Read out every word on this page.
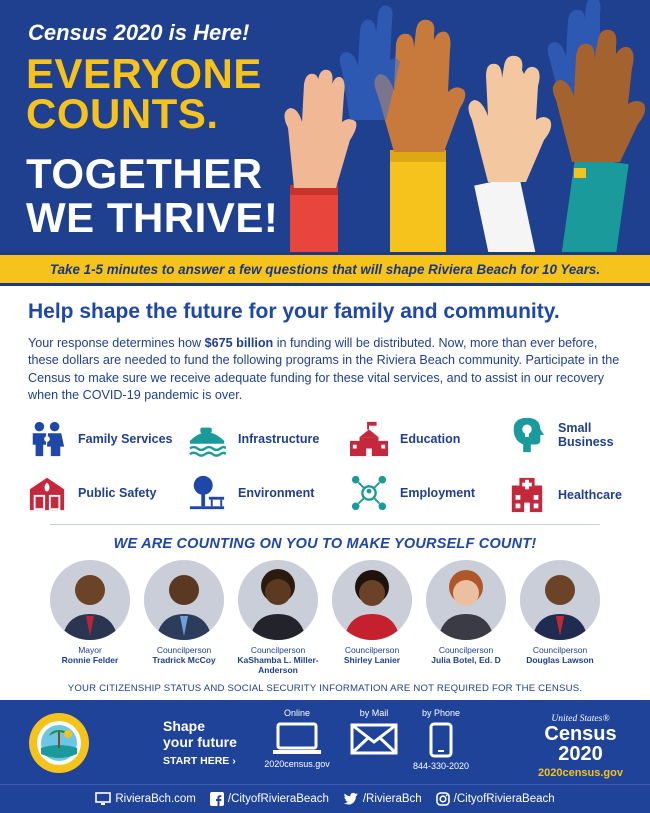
Census 2020 is Here!
EVERYONE
COUNTS.
TOGETHER
WE THRIVE!
Take 1-5 minutes to answer a few questions that will shape Riviera Beach for 10 Years.
Help shape the future for your family and community.
Your response determines how $675 billion in funding will be distributed. Now, more than ever before, these dollars are needed to fund the following programs in the Riviera Beach community. Participate in the Census to make sure we receive adequate funding for these vital services, and to assist in our recovery when the COVID-19 pandemic is over.
Family Services	Infrastructure	Education
Small Business
Public Safety	Environment	Employment	Healthcare
WE ARE COUNTING ON YOU TO MAKE YOURSELF COUNT!
Mayor
Ronnie Felder
Councilperson
Tradrick McCoy
Councilperson
KaShamba L. Miller-Anderson
Councilperson
Shirley Lanier
Councilperson
Julia Botel, Ed. D
Councilperson
Douglas Lawson
YOUR CITIZENSHIP STATUS AND SOCIAL SECURITY INFORMATION ARE NOT REQUIRED FOR THE CENSUS.
Shape
your future
START HERE ›
Online
2020census.gov
by Mail	by Phone
844-330-2020
United States®
Census
2020
2020census.gov
RivieraBch.com	/CityofRivieraBeach	/RivieraBch	/CityofRivieraBeach
